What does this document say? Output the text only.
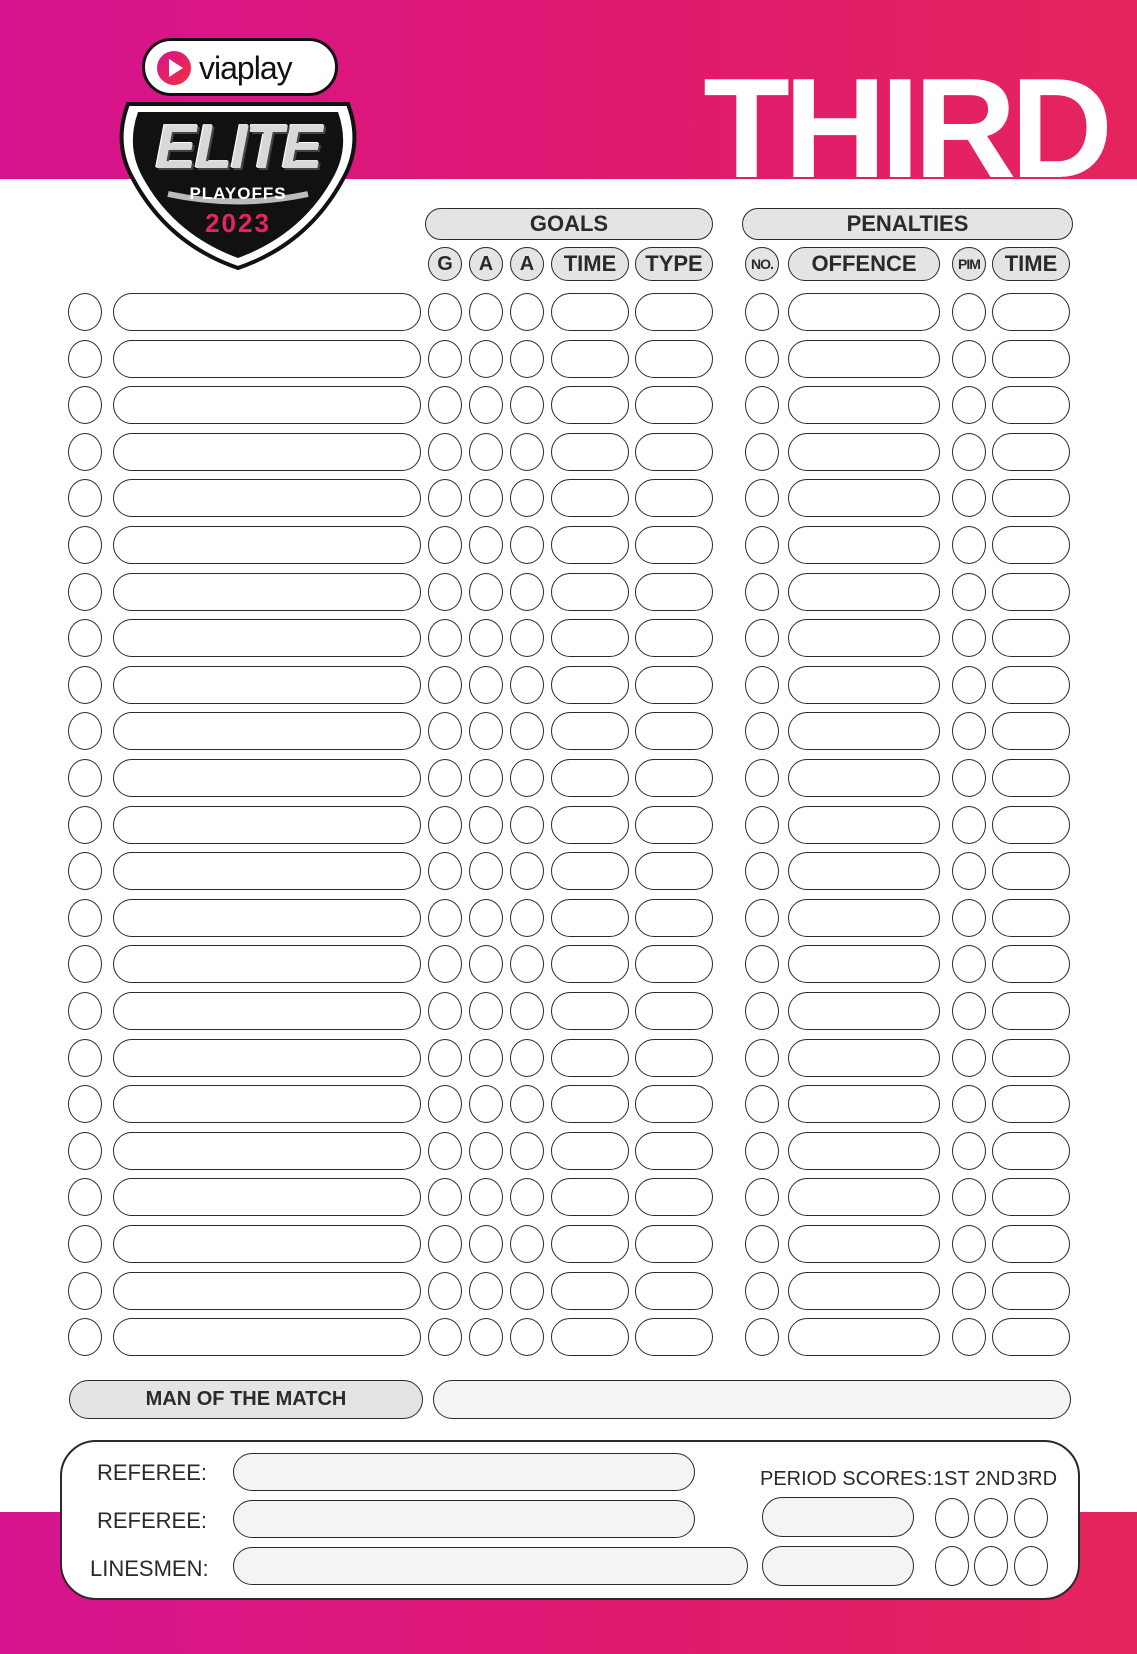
THIRD
viaplay
ELITE
PLAYOFFS
2023	GOALS	PENALTIES
G	A	A	TIME	TYPE	NO.	OFFENCE	PIM	TIME
MAN OF THE MATCH
REFEREE:
REFEREE:
LINESMEN:
PERIOD SCORES: 1ST 2ND 3RD
